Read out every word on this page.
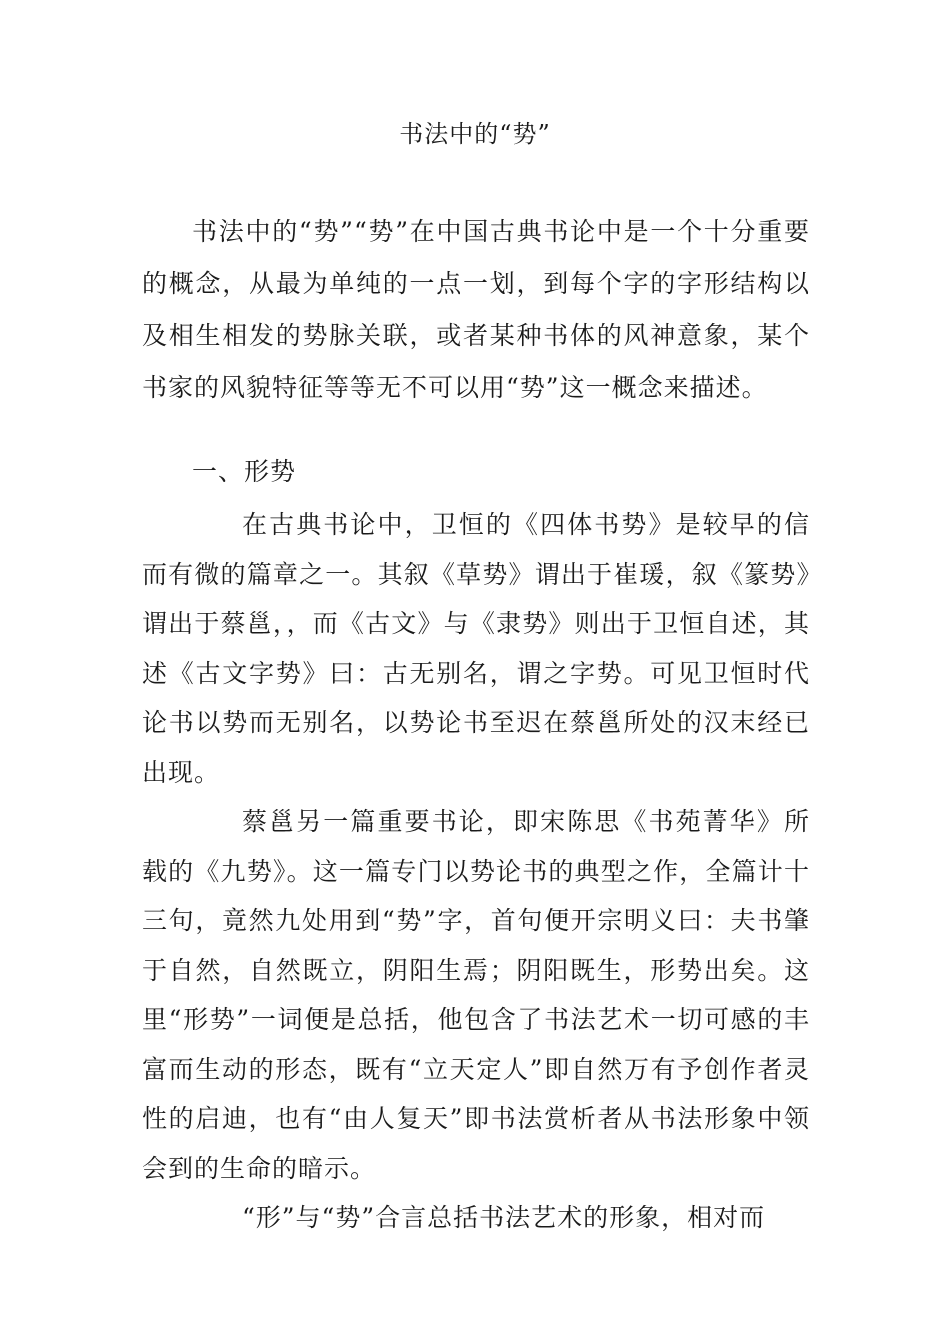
书法中的“势”
书法中的“势”“势”在中国古典书论中是一个十分重要的概念，从最为单纯的一点一划，到每个字的字形结构以及相生相发的势脉关联，或者某种书体的风神意象，某个书家的风貌特征等等无不可以用“势”这一概念来描述。
一、形势

在古典书论中，卫恒的《四体书势》是较早的信而有微的篇章之一。其叙《草势》谓出于崔瑗，叙《篆势》谓出于蔡邕，，而《古文》与《隶势》则出于卫恒自述，其述《古文字势》曰：古无别名，谓之字势。可见卫恒时代论书以势而无别名，以势论书至迟在蔡邕所处的汉末经已出现。

蔡邕另一篇重要书论，即宋陈思《书苑菁华》所载的《九势》。这一篇专门以势论书的典型之作，全篇计十三句，竟然九处用到“势”字，首句便开宗明义曰：夫书肇于自然，自然既立，阴阳生焉；阴阳既生，形势出矣。这里“形势”一词便是总括，他包含了书法艺术一切可感的丰富而生动的形态，既有“立天定人”即自然万有予创作者灵性的启迪，也有“由人复天”即书法赏析者从书法形象中领会到的生命的暗示。

“形”与“势”合言总括书法艺术的形象，相对而
